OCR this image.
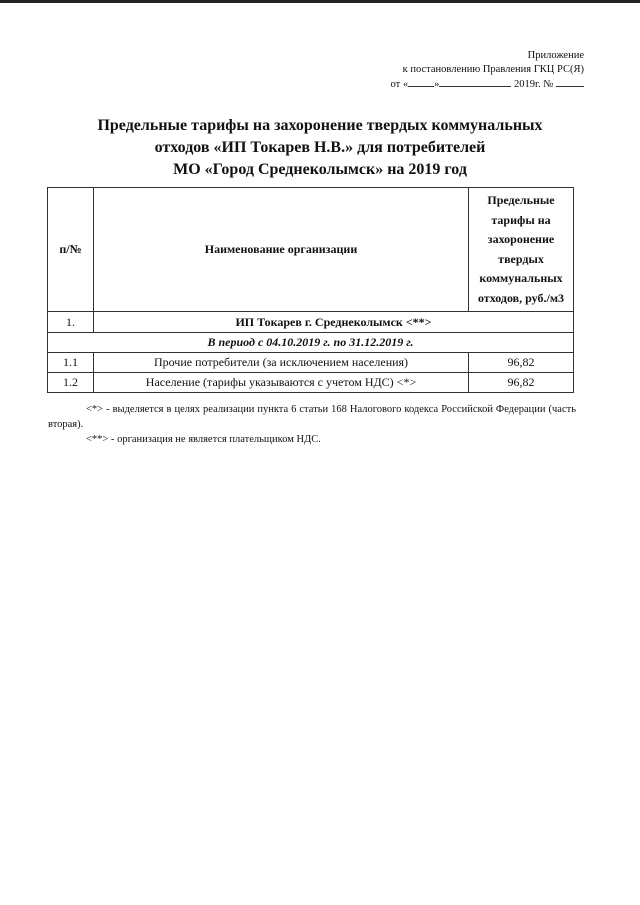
Приложение
к постановлению Правления ГКЦ РС(Я)
от « »	2019г. №
Предельные тарифы на захоронение твердых коммунальных
отходов «ИП Токарев Н.В.» для потребителей
МО «Город Среднеколымск» на 2019 год
п/№	Наименование организации	Предельные тарифы на захоронение твердых коммунальных отходов, руб./м3
1.	ИП Токарев г. Среднеколымск <**>	
В период с 04.10.2019 г. по 31.12.2019 г.		
1.1	Прочие потребители (за исключением населения)	96,82
1.2	Население (тарифы указываются с учетом НДС) <*>	96,82

<*> - выделяется в целях реализации пункта 6 статьи 168 Налогового кодекса Российской Федерации (часть вторая).

<**> - организация не является плательщиком НДС.
